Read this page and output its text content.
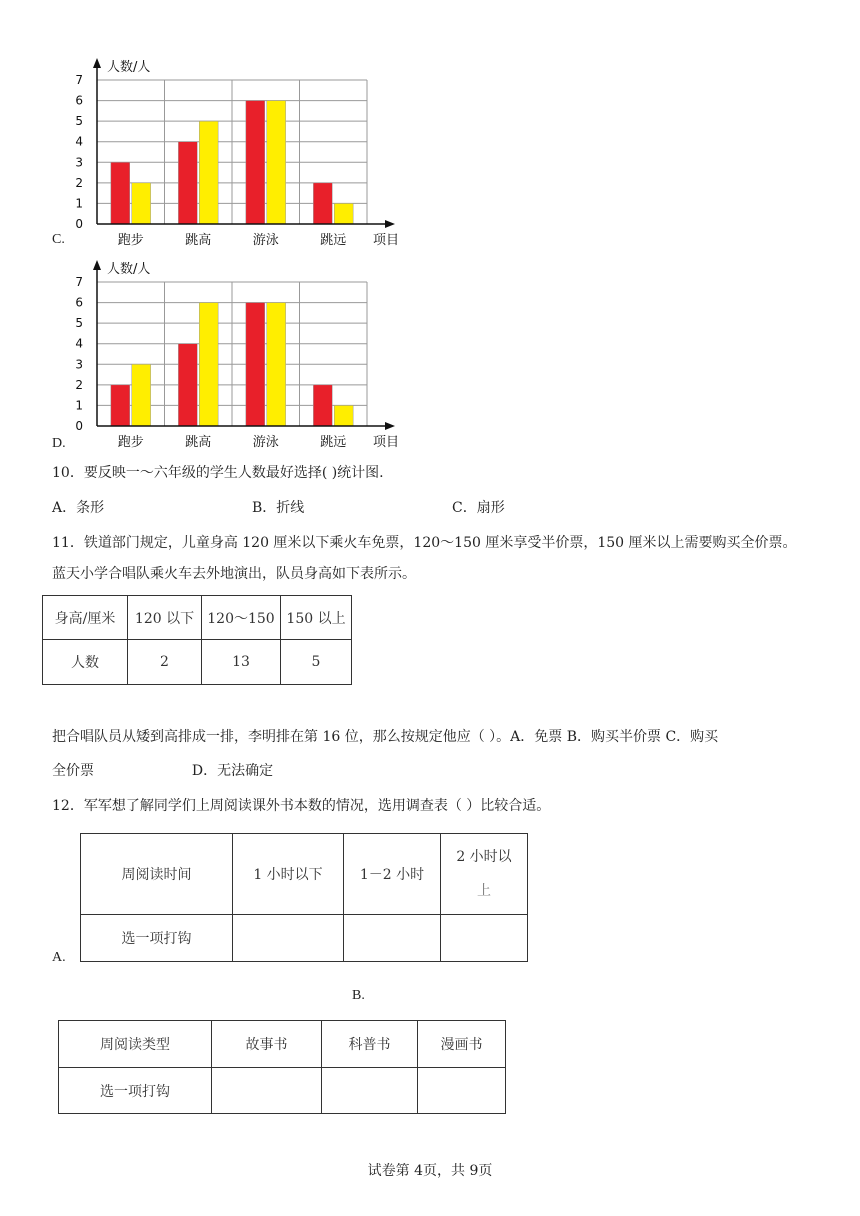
C.	跑步	跳高	游泳	跳远
0
1
2
3
4
5
6
7
人数/人
项目
D.	跑步	跳高	游泳	跳远
0
1
2
3
4
5
6
7
人数/人
项目
10．要反映一～六年级的学生人数最好选择( )统计图.
A．条形	B．折线	C．扇形
11．铁道部门规定，儿童身高 120 厘米以下乘火车免票，120～150 厘米享受半价票，150 厘米以上需要购买全价票。
蓝天小学合唱队乘火车去外地演出，队员身高如下表所示。
身高/厘米	120 以下	120～150	150 以上
人数	2	13	5
把合唱队员从矮到高排成一排，李明排在第 16 位，那么按规定他应（ ）。A．免票 B．购买半价票 C．购买
全价票                      D．无法确定
12．军军想了解同学们上周阅读课外书本数的情况，选用调查表（ ）比较合适。
A.
周阅读时间	1 小时以下	1－2 小时	2 小时以
上
选一项打钩			
B.
周阅读类型	故事书	科普书	漫画书
选一项打钩			
试卷第 4页，共 9页
